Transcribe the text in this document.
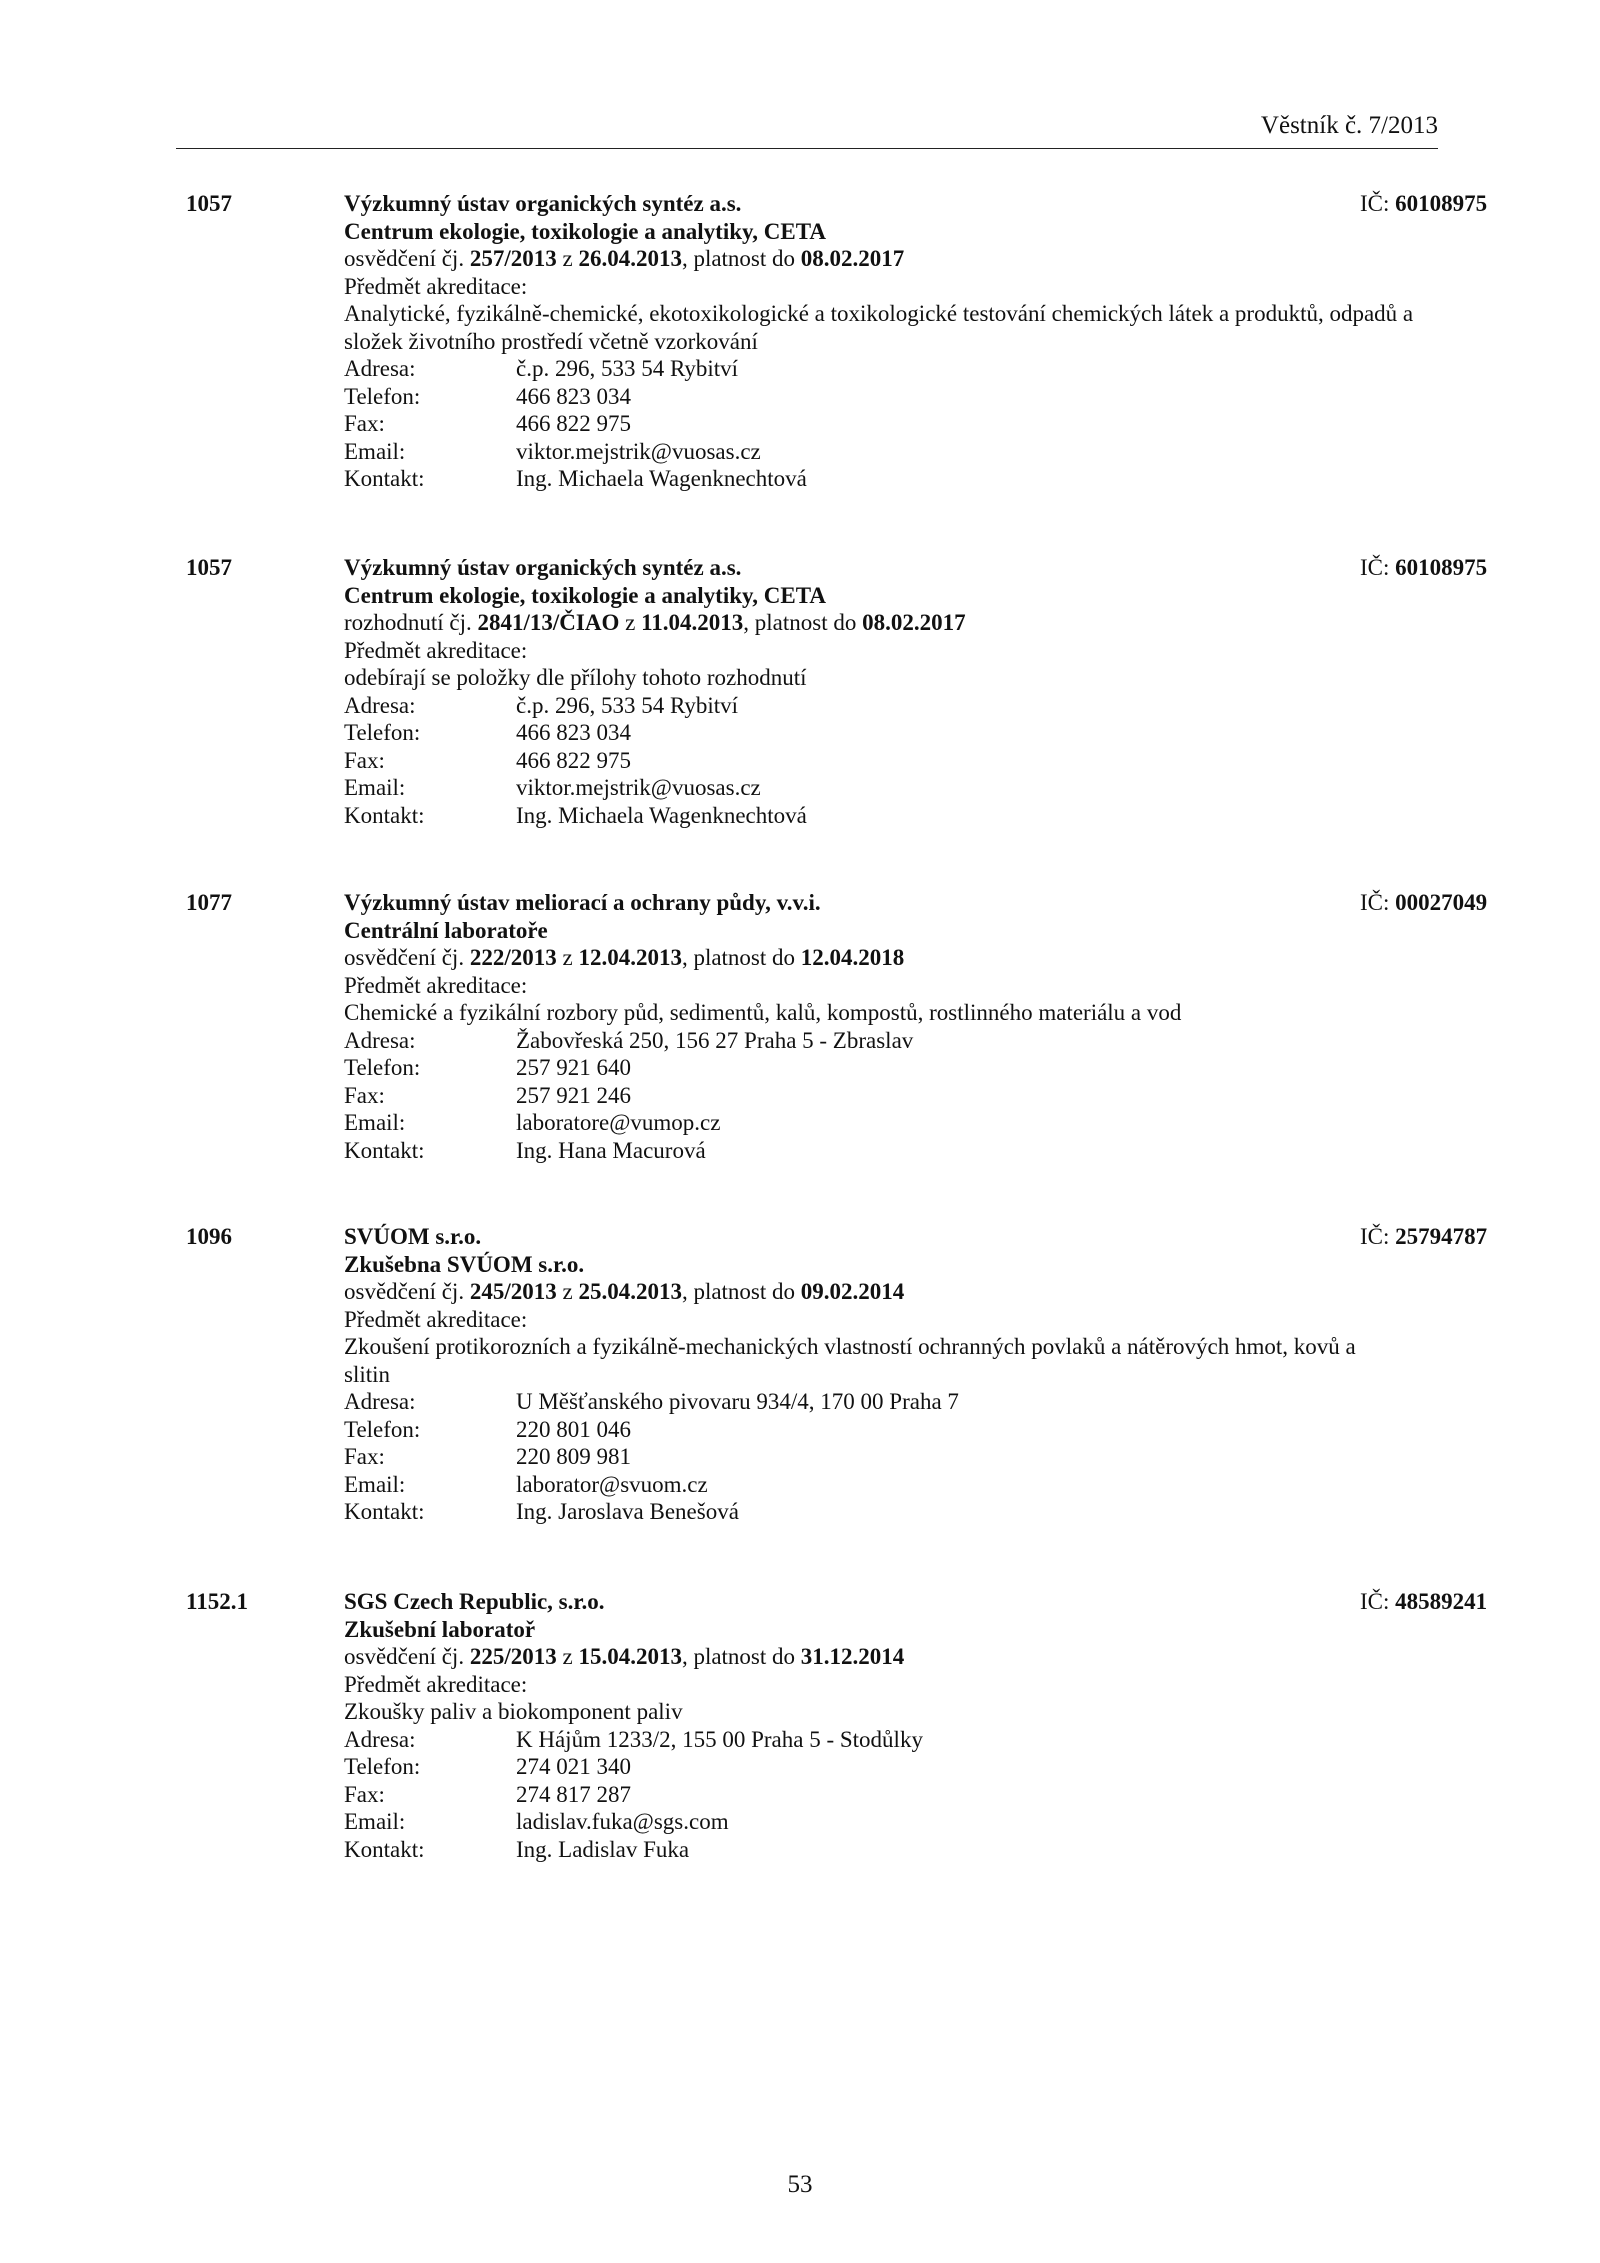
Věstník č. 7/2013
1057	Výzkumný ústav organických syntéz a.s.	IČ: 60108975
Centrum ekologie, toxikologie a analytiky, CETA
osvědčení čj. 257/2013 z 26.04.2013, platnost do 08.02.2017
Předmět akreditace:
Analytické, fyzikálně-chemické, ekotoxikologické a toxikologické testování chemických látek a produktů, odpadů a složek životního prostředí včetně vzorkování
Adresa:	č.p. 296, 533 54 Rybitví
Telefon:	466 823 034
Fax:	466 822 975
Email:	viktor.mejstrik@vuosas.cz
Kontakt:	Ing. Michaela Wagenknechtová
1057	Výzkumný ústav organických syntéz a.s.	IČ: 60108975
Centrum ekologie, toxikologie a analytiky, CETA
rozhodnutí čj. 2841/13/ČIAO z 11.04.2013, platnost do 08.02.2017
Předmět akreditace:
odebírají se položky dle přílohy tohoto rozhodnutí
Adresa:	č.p. 296, 533 54 Rybitví
Telefon:	466 823 034
Fax:	466 822 975
Email:	viktor.mejstrik@vuosas.cz
Kontakt:	Ing. Michaela Wagenknechtová
1077	Výzkumný ústav meliorací a ochrany půdy, v.v.i.	IČ: 00027049
Centrální laboratoře
osvědčení čj. 222/2013 z 12.04.2013, platnost do 12.04.2018
Předmět akreditace:
Chemické a fyzikální rozbory půd, sedimentů, kalů, kompostů, rostlinného materiálu a vod
Adresa:	Žabovřeská 250, 156 27 Praha 5 - Zbraslav
Telefon:	257 921 640
Fax:	257 921 246
Email:	laboratore@vumop.cz
Kontakt:	Ing. Hana Macurová
1096	SVÚOM s.r.o.	IČ: 25794787
Zkušebna SVÚOM s.r.o.
osvědčení čj. 245/2013 z 25.04.2013, platnost do 09.02.2014
Předmět akreditace:
Zkoušení protikorozních a fyzikálně-mechanických vlastností ochranných povlaků a nátěrových hmot, kovů a slitin
Adresa:	U Měšťanského pivovaru 934/4, 170 00 Praha 7
Telefon:	220 801 046
Fax:	220 809 981
Email:	laborator@svuom.cz
Kontakt:	Ing. Jaroslava Benešová
1152.1	SGS Czech Republic, s.r.o.	IČ: 48589241
Zkušební laboratoř
osvědčení čj. 225/2013 z 15.04.2013, platnost do 31.12.2014
Předmět akreditace:
Zkoušky paliv a biokomponent paliv
Adresa:	K Hájům 1233/2, 155 00 Praha 5 - Stodůlky
Telefon:	274 021 340
Fax:	274 817 287
Email:	ladislav.fuka@sgs.com
Kontakt:	Ing. Ladislav Fuka
53
